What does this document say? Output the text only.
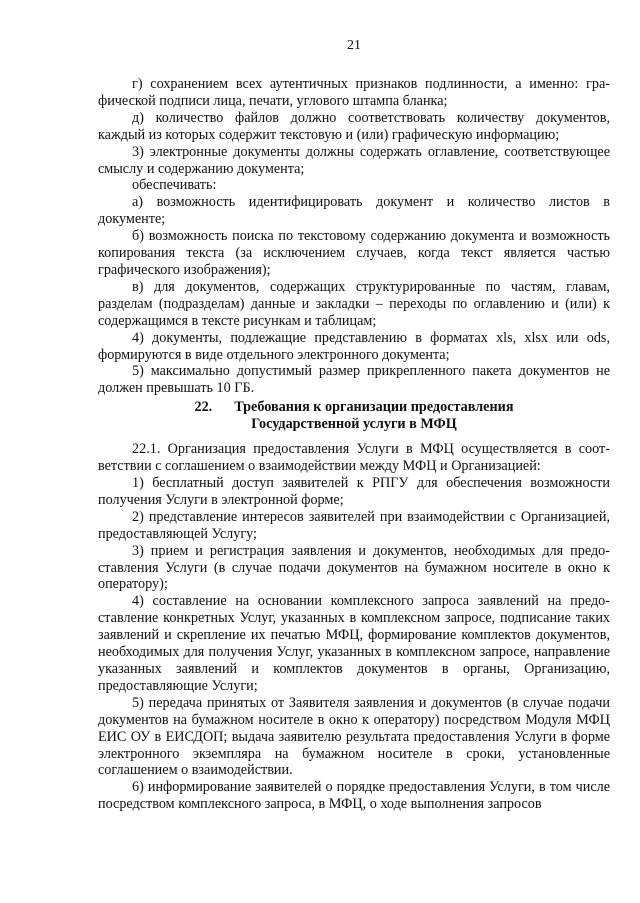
21

г) сохранением всех аутентичных признаков подлинности, а именно: графической подписи лица, печати, углового штампа бланка;

д) количество файлов должно соответствовать количеству документов, каждый из которых содержит текстовую и (или) графическую информацию;

3) электронные документы должны содержать оглавление, соответствующее смыслу и содержанию документа;

обеспечивать:

а) возможность идентифицировать документ и количество листов в документе;

б) возможность поиска по текстовому содержанию документа и возможность копирования текста (за исключением случаев, когда текст является частью графического изображения);

в) для документов, содержащих структурированные по частям, главам, разделам (подразделам) данные и закладки – переходы по оглавлению и (или) к содержащимся в тексте рисункам и таблицам;

4) документы, подлежащие представлению в форматах xls, xlsx или ods, формируются в виде отдельного электронного документа;

5) максимально допустимый размер прикрепленного пакета документов не должен превышать 10 ГБ.

22. Требования к организации предоставления
Государственной услуги в МФЦ

22.1. Организация предоставления Услуги в МФЦ осуществляется в соответствии с соглашением о взаимодействии между МФЦ и Организацией:

1) бесплатный доступ заявителей к РПГУ для обеспечения возможности получения Услуги в электронной форме;

2) представление интересов заявителей при взаимодействии с Организацией, предоставляющей Услугу;

3) прием и регистрация заявления и документов, необходимых для предоставления Услуги (в случае подачи документов на бумажном носителе в окно к оператору);

4) составление на основании комплексного запроса заявлений на предоставление конкретных Услуг, указанных в комплексном запросе, подписание таких заявлений и скрепление их печатью МФЦ, формирование комплектов документов, необходимых для получения Услуг, указанных в комплексном запросе, направление указанных заявлений и комплектов документов в органы, Организацию, предоставляющие Услуги;

5) передача принятых от Заявителя заявления и документов (в случае подачи документов на бумажном носителе в окно к оператору) посредством Модуля МФЦ ЕИС ОУ в ЕИСДОП; выдача заявителю результата предоставления Услуги в форме электронного экземпляра на бумажном носителе в сроки, установленные соглашением о взаимодействии.

6) информирование заявителей о порядке предоставления Услуги, в том числе посредством комплексного запроса, в МФЦ, о ходе выполнения запросов
